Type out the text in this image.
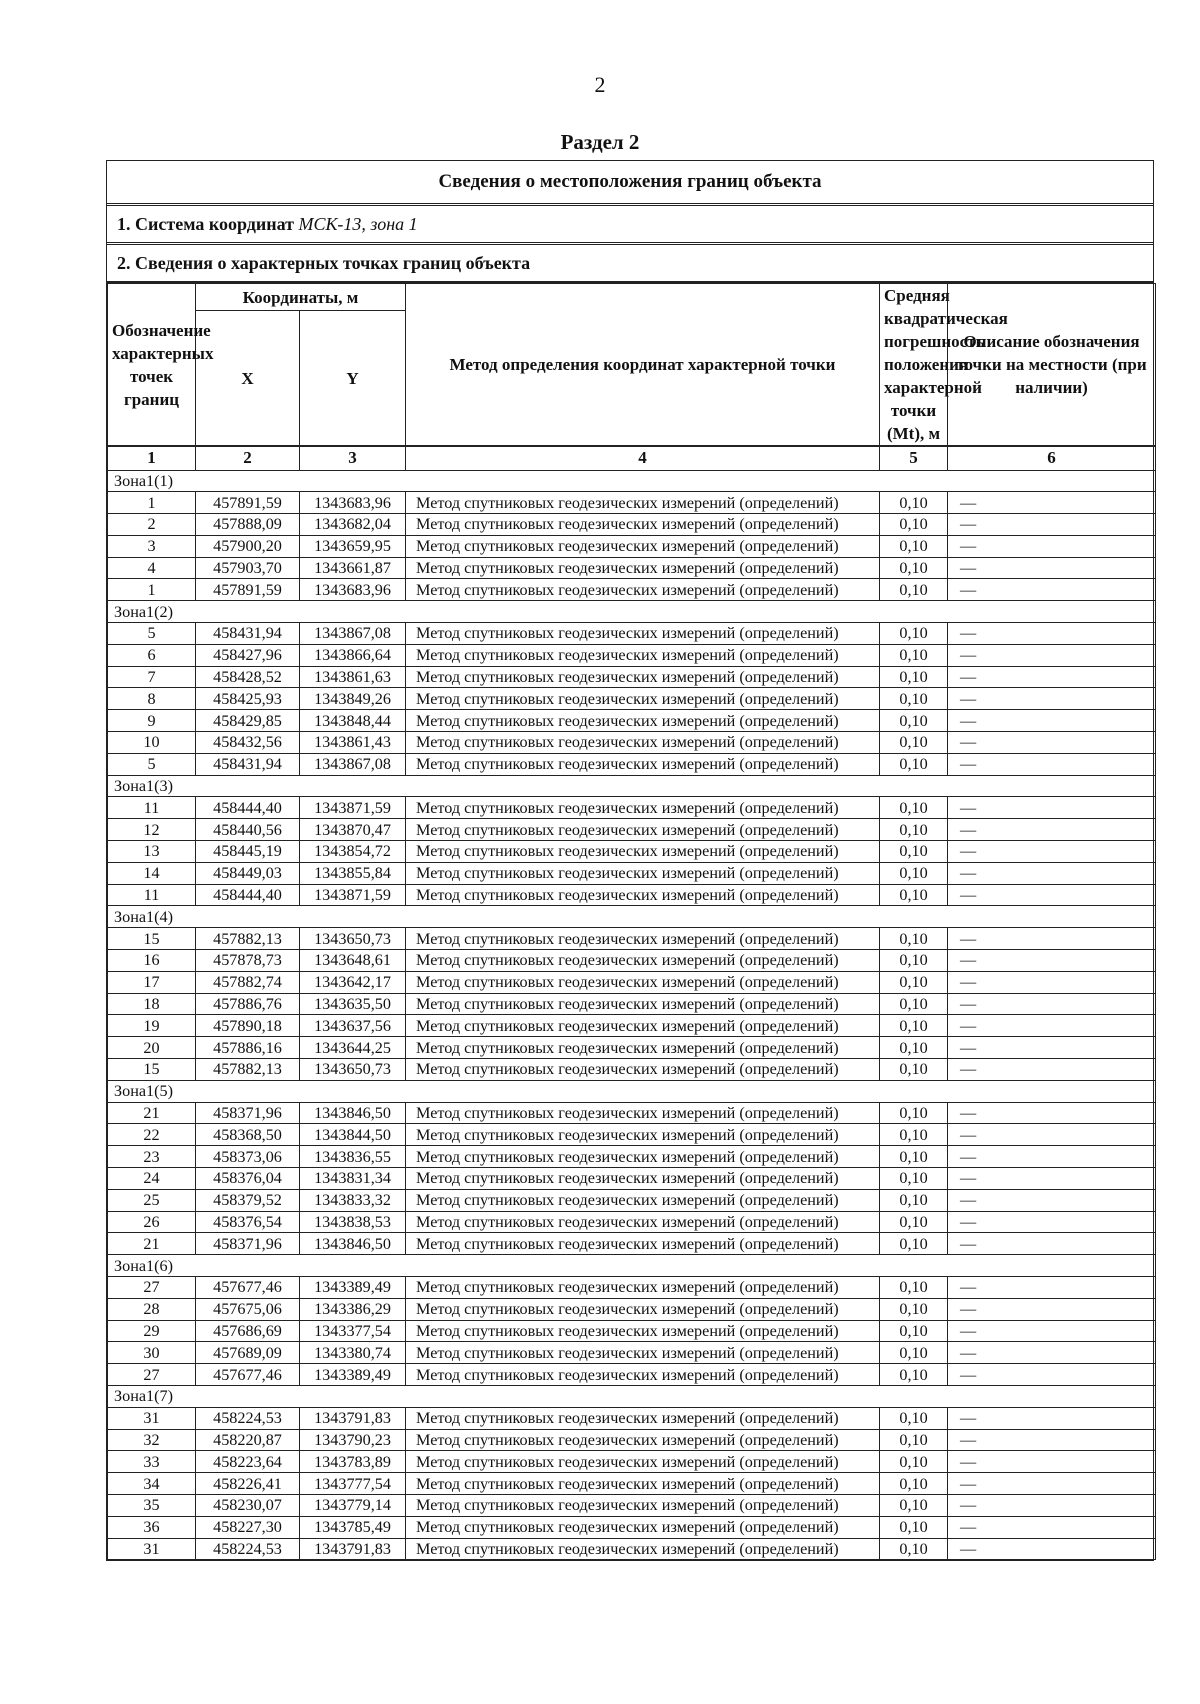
2
Раздел 2
Сведения о местоположения границ объекта
1. Система координат МСК-13, зона 1
2. Сведения о характерных точках границ объекта
Обозначение характерных точек границ	Координаты, м		Метод определения координат характерной точки	Средняя квадратическая погрешность положения характерной точки (Mt), м	Описание обозначения точки на местности (при наличии)
	X	Y			
1	2	3	4	5	6
Зона1(1)					
1	457891,59	1343683,96	Метод спутниковых геодезических измерений (определений)	0,10	—
2	457888,09	1343682,04	Метод спутниковых геодезических измерений (определений)	0,10	—
3	457900,20	1343659,95	Метод спутниковых геодезических измерений (определений)	0,10	—
4	457903,70	1343661,87	Метод спутниковых геодезических измерений (определений)	0,10	—
1	457891,59	1343683,96	Метод спутниковых геодезических измерений (определений)	0,10	—
Зона1(2)					
5	458431,94	1343867,08	Метод спутниковых геодезических измерений (определений)	0,10	—
6	458427,96	1343866,64	Метод спутниковых геодезических измерений (определений)	0,10	—
7	458428,52	1343861,63	Метод спутниковых геодезических измерений (определений)	0,10	—
8	458425,93	1343849,26	Метод спутниковых геодезических измерений (определений)	0,10	—
9	458429,85	1343848,44	Метод спутниковых геодезических измерений (определений)	0,10	—
10	458432,56	1343861,43	Метод спутниковых геодезических измерений (определений)	0,10	—
5	458431,94	1343867,08	Метод спутниковых геодезических измерений (определений)	0,10	—
Зона1(3)					
11	458444,40	1343871,59	Метод спутниковых геодезических измерений (определений)	0,10	—
12	458440,56	1343870,47	Метод спутниковых геодезических измерений (определений)	0,10	—
13	458445,19	1343854,72	Метод спутниковых геодезических измерений (определений)	0,10	—
14	458449,03	1343855,84	Метод спутниковых геодезических измерений (определений)	0,10	—
11	458444,40	1343871,59	Метод спутниковых геодезических измерений (определений)	0,10	—
Зона1(4)					
15	457882,13	1343650,73	Метод спутниковых геодезических измерений (определений)	0,10	—
16	457878,73	1343648,61	Метод спутниковых геодезических измерений (определений)	0,10	—
17	457882,74	1343642,17	Метод спутниковых геодезических измерений (определений)	0,10	—
18	457886,76	1343635,50	Метод спутниковых геодезических измерений (определений)	0,10	—
19	457890,18	1343637,56	Метод спутниковых геодезических измерений (определений)	0,10	—
20	457886,16	1343644,25	Метод спутниковых геодезических измерений (определений)	0,10	—
15	457882,13	1343650,73	Метод спутниковых геодезических измерений (определений)	0,10	—
Зона1(5)					
21	458371,96	1343846,50	Метод спутниковых геодезических измерений (определений)	0,10	—
22	458368,50	1343844,50	Метод спутниковых геодезических измерений (определений)	0,10	—
23	458373,06	1343836,55	Метод спутниковых геодезических измерений (определений)	0,10	—
24	458376,04	1343831,34	Метод спутниковых геодезических измерений (определений)	0,10	—
25	458379,52	1343833,32	Метод спутниковых геодезических измерений (определений)	0,10	—
26	458376,54	1343838,53	Метод спутниковых геодезических измерений (определений)	0,10	—
21	458371,96	1343846,50	Метод спутниковых геодезических измерений (определений)	0,10	—
Зона1(6)					
27	457677,46	1343389,49	Метод спутниковых геодезических измерений (определений)	0,10	—
28	457675,06	1343386,29	Метод спутниковых геодезических измерений (определений)	0,10	—
29	457686,69	1343377,54	Метод спутниковых геодезических измерений (определений)	0,10	—
30	457689,09	1343380,74	Метод спутниковых геодезических измерений (определений)	0,10	—
27	457677,46	1343389,49	Метод спутниковых геодезических измерений (определений)	0,10	—
Зона1(7)					
31	458224,53	1343791,83	Метод спутниковых геодезических измерений (определений)	0,10	—
32	458220,87	1343790,23	Метод спутниковых геодезических измерений (определений)	0,10	—
33	458223,64	1343783,89	Метод спутниковых геодезических измерений (определений)	0,10	—
34	458226,41	1343777,54	Метод спутниковых геодезических измерений (определений)	0,10	—
35	458230,07	1343779,14	Метод спутниковых геодезических измерений (определений)	0,10	—
36	458227,30	1343785,49	Метод спутниковых геодезических измерений (определений)	0,10	—
31	458224,53	1343791,83	Метод спутниковых геодезических измерений (определений)	0,10	—
